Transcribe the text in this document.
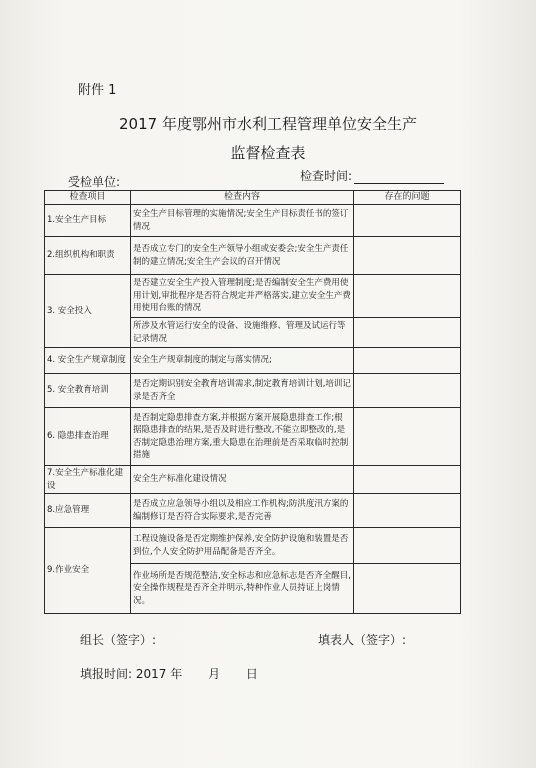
附件 1
2017 年度鄂州市水利工程管理单位安全生产
监督检查表
受检单位:	检查时间:
检查项目	检查内容	存在的问题
1.安全生产目标	安全生产目标管理的实施情况;安全生产目标责任书的签订情况	
2.组织机构和职责	是否成立专门的安全生产领导小组或安委会;安全生产责任制的建立情况;安全生产会议的召开情况	
3. 安全投入	是否建立安全生产投入管理制度;是否编制安全生产费用使用计划,审批程序是否符合规定并严格落实,建立安全生产费用使用台账的情况	
	所涉及水管运行安全的设备、设施维修、管理及试运行等记录情况	
4. 安全生产规章制度	安全生产规章制度的制定与落实情况;	
5. 安全教育培训	是否定期识别安全教育培训需求,制定教育培训计划,培训记录是否齐全	
6. 隐患排查治理	是否制定隐患排查方案,并根据方案开展隐患排查工作;根据隐患排查的结果,是否及时进行整改,不能立即整改的,是否制定隐患治理方案,重大隐患在治理前是否采取临时控制措施	
7.安全生产标准化建设	安全生产标准化建设情况	
8.应急管理	是否成立应急领导小组以及相应工作机构;防洪度汛方案的编制修订是否符合实际要求,是否完善	
9.作业安全	工程设施设备是否定期维护保养,安全防护设施和装置是否到位,个人安全防护用品配备是否齐全。	
	作业场所是否规范整洁,安全标志和应急标志是否齐全醒目,安全操作规程是否齐全并明示,特种作业人员持证上岗情况。	
组长（签字）:	填表人（签字）:
填报时间: 2017 年 月 日
